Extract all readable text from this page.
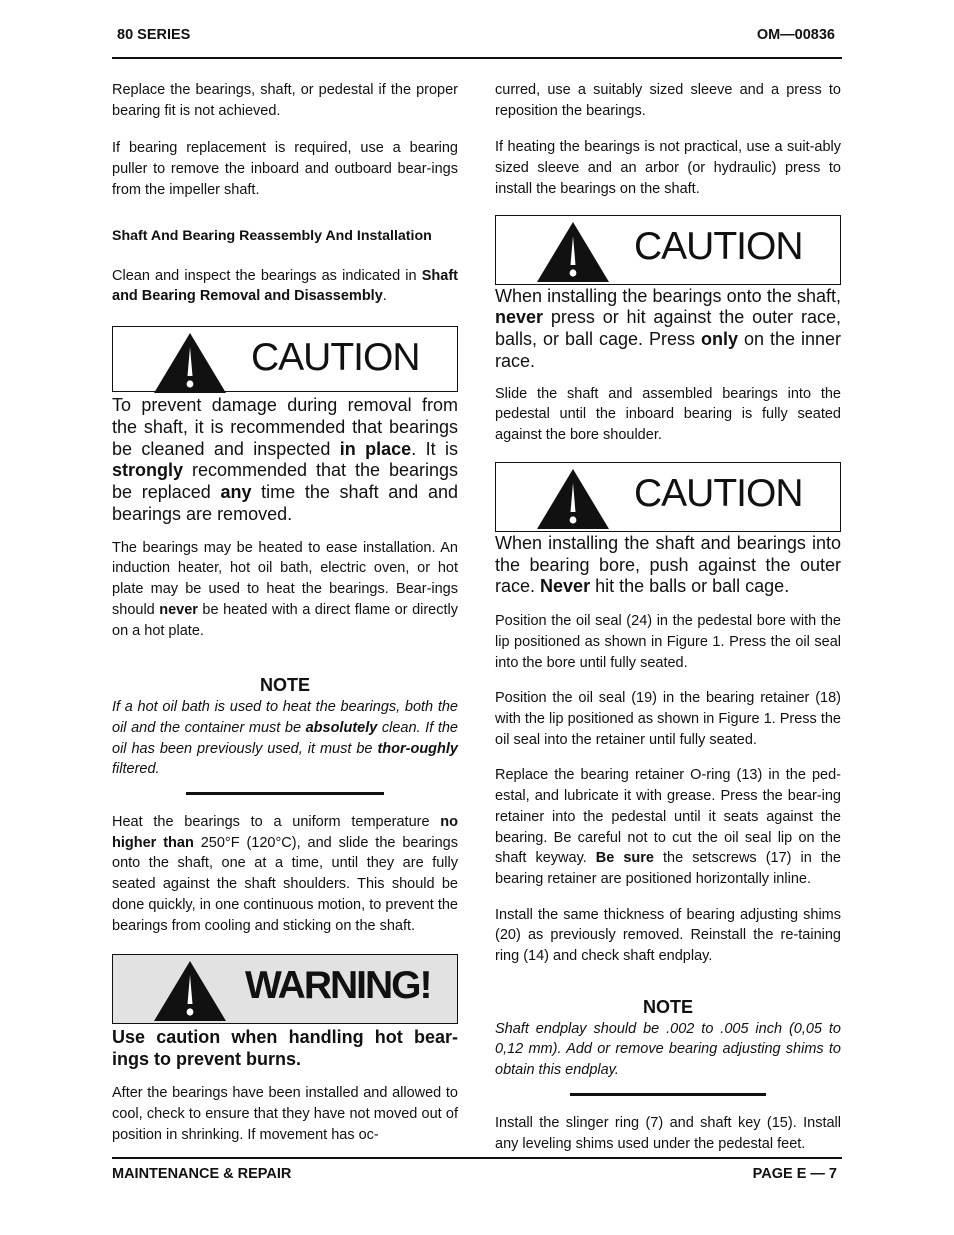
80 SERIES	OM—00836

Replace the bearings, shaft, or pedestal if the proper bearing fit is not achieved.

If bearing replacement is required, use a bearing puller to remove the inboard and outboard bear-ings from the impeller shaft.

Shaft And Bearing Reassembly And Installation

Clean and inspect the bearings as indicated in Shaft and Bearing Removal and Disassembly.

CAUTION

To prevent damage during removal from the shaft, it is recommended that bearings be cleaned and inspected in place. It is strongly recommended that the bearings be replaced any time the shaft and and bearings are removed.

The bearings may be heated to ease installation. An induction heater, hot oil bath, electric oven, or hot plate may be used to heat the bearings. Bear-ings should never be heated with a direct flame or directly on a hot plate.

NOTE

If a hot oil bath is used to heat the bearings, both the oil and the container must be absolutely clean. If the oil has been previously used, it must be thor-oughly filtered.

Heat the bearings to a uniform temperature no higher than 250°F (120°C), and slide the bearings onto the shaft, one at a time, until they are fully seated against the shaft shoulders. This should be done quickly, in one continuous motion, to prevent the bearings from cooling and sticking on the shaft.

WARNING!

Use caution when handling hot bear-ings to prevent burns.

After the bearings have been installed and allowed to cool, check to ensure that they have not moved out of position in shrinking. If movement has oc-

curred, use a suitably sized sleeve and a press to reposition the bearings.

If heating the bearings is not practical, use a suit-ably sized sleeve and an arbor (or hydraulic) press to install the bearings on the shaft.

CAUTION

When installing the bearings onto the shaft, never press or hit against the outer race, balls, or ball cage. Press only on the inner race.

Slide the shaft and assembled bearings into the pedestal until the inboard bearing is fully seated against the bore shoulder.

CAUTION

When installing the shaft and bearings into the bearing bore, push against the outer race. Never hit the balls or ball cage.

Position the oil seal (24) in the pedestal bore with the lip positioned as shown in Figure 1. Press the oil seal into the bore until fully seated.

Position the oil seal (19) in the bearing retainer (18) with the lip positioned as shown in Figure 1. Press the oil seal into the retainer until fully seated.

Replace the bearing retainer O-ring (13) in the ped-estal, and lubricate it with grease. Press the bear-ing retainer into the pedestal until it seats against the bearing. Be careful not to cut the oil seal lip on the shaft keyway. Be sure the setscrews (17) in the bearing retainer are positioned horizontally inline.

Install the same thickness of bearing adjusting shims (20) as previously removed. Reinstall the re-taining ring (14) and check shaft endplay.

NOTE

Shaft endplay should be .002 to .005 inch (0,05 to 0,12 mm). Add or remove bearing adjusting shims to obtain this endplay.

Install the slinger ring (7) and shaft key (15). Install any leveling shims used under the pedestal feet.

MAINTENANCE & REPAIR	PAGE E — 7
